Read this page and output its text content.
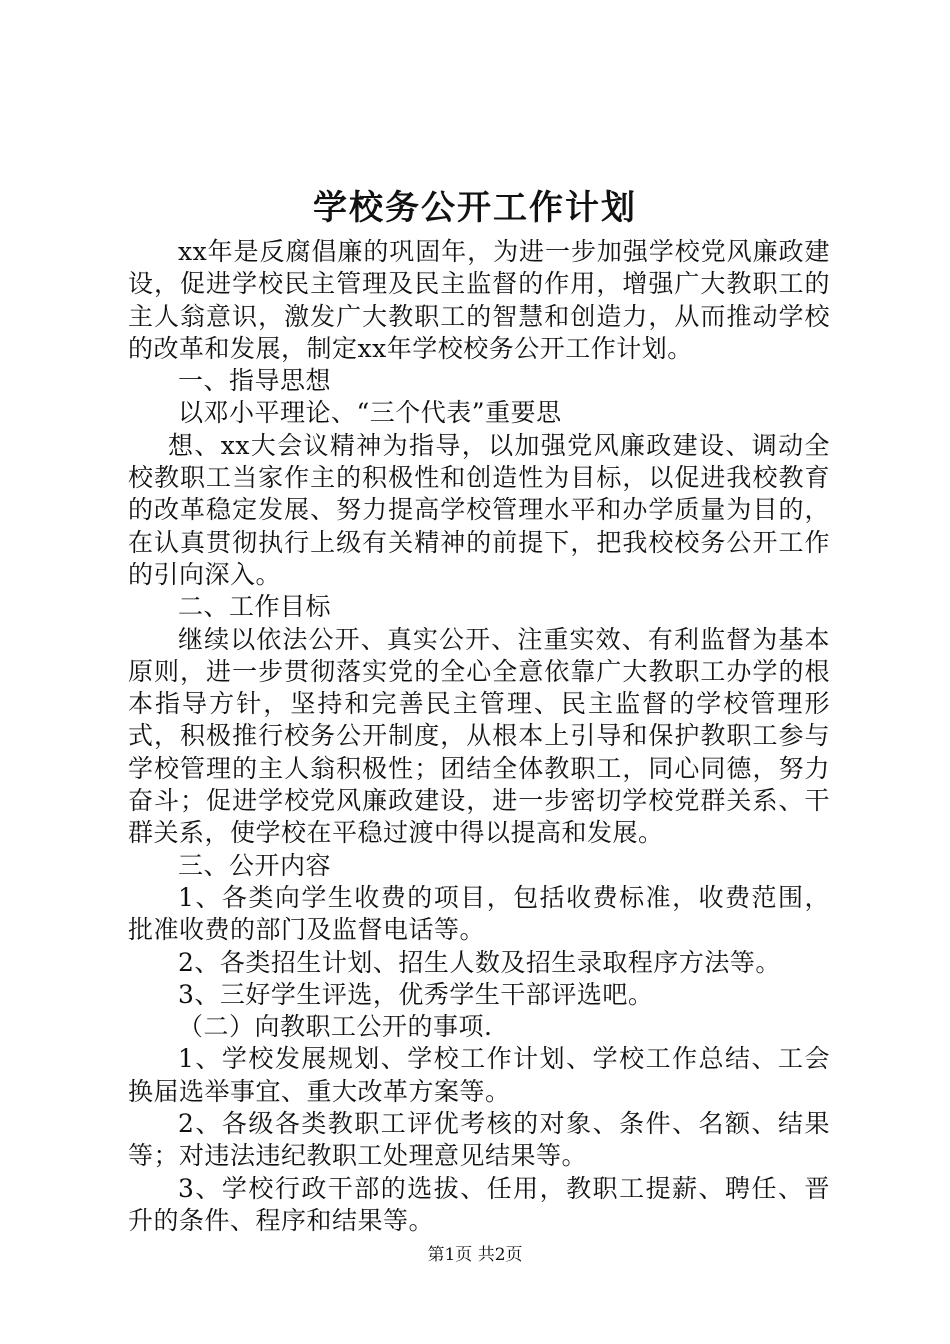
学校务公开工作计划

xx年是反腐倡廉的巩固年，为进一步加强学校党风廉政建设，促进学校民主管理及民主监督的作用，增强广大教职工的主人翁意识，激发广大教职工的智慧和创造力，从而推动学校的改革和发展，制定xx年学校校务公开工作计划。

一、指导思想

以邓小平理论、“三个代表”重要思

想、xx大会议精神为指导，以加强党风廉政建设、调动全校教职工当家作主的积极性和创造性为目标，以促进我校教育的改革稳定发展、努力提高学校管理水平和办学质量为目的，在认真贯彻执行上级有关精神的前提下，把我校校务公开工作的引向深入。

二、工作目标

继续以依法公开、真实公开、注重实效、有利监督为基本原则，进一步贯彻落实党的全心全意依靠广大教职工办学的根本指导方针，坚持和完善民主管理、民主监督的学校管理形式，积极推行校务公开制度，从根本上引导和保护教职工参与学校管理的主人翁积极性；团结全体教职工，同心同德，努力奋斗；促进学校党风廉政建设，进一步密切学校党群关系、干群关系，使学校在平稳过渡中得以提高和发展。

三、公开内容

1、各类向学生收费的项目，包括收费标准，收费范围，批准收费的部门及监督电话等。

2、各类招生计划、招生人数及招生录取程序方法等。

3、三好学生评选，优秀学生干部评选吧。

（二）向教职工公开的事项.

1、学校发展规划、学校工作计划、学校工作总结、工会换届选举事宜、重大改革方案等。

2、各级各类教职工评优考核的对象、条件、名额、结果等；对违法违纪教职工处理意见结果等。

3、学校行政干部的选拔、任用，教职工提薪、聘任、晋升的条件、程序和结果等。

第1页 共2页
